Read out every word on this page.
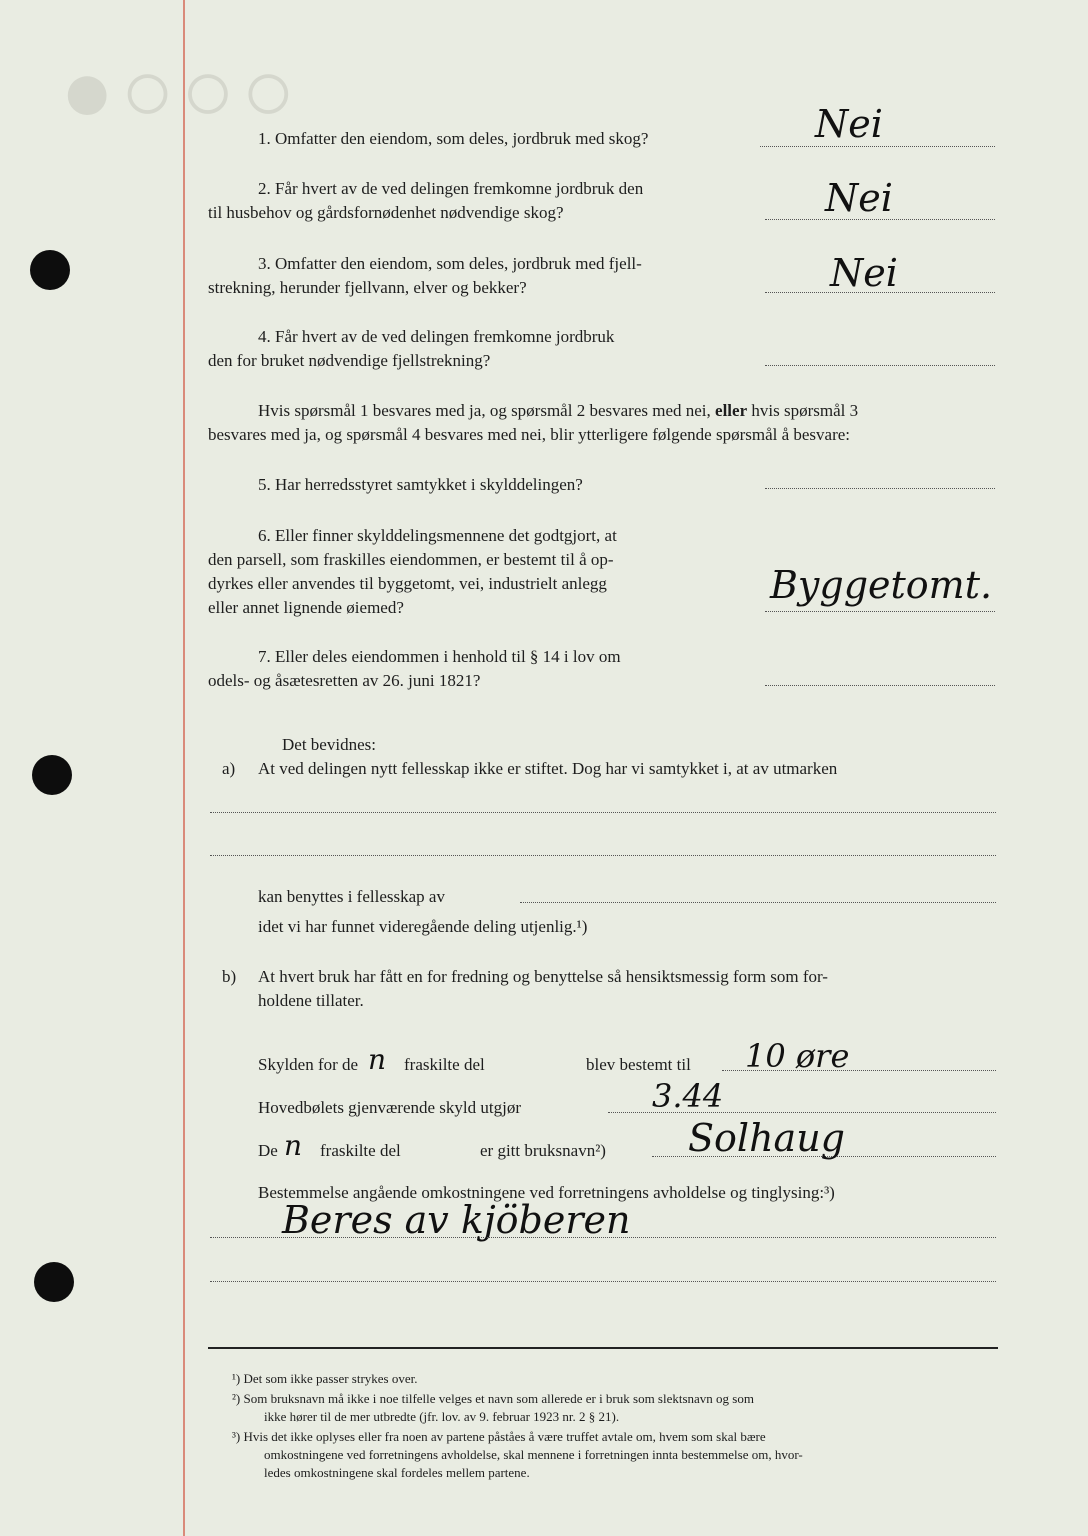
●○○○
1. Omfatter den eiendom, som deles, jordbruk med skog?	Nei
2. Får hvert av de ved delingen fremkomne jordbruk den
til husbehov og gårdsfornødenhet nødvendige skog?	Nei
3. Omfatter den eiendom, som deles, jordbruk med fjell-
strekning, herunder fjellvann, elver og bekker?	Nei
4. Får hvert av de ved delingen fremkomne jordbruk
den for bruket nødvendige fjellstrekning?
Hvis spørsmål 1 besvares med ja, og spørsmål 2 besvares med nei, eller hvis spørsmål 3
besvares med ja, og spørsmål 4 besvares med nei, blir ytterligere følgende spørsmål å besvare:
5. Har herredsstyret samtykket i skylddelingen?
6. Eller finner skylddelingsmennene det godtgjort, at
den parsell, som fraskilles eiendommen, er bestemt til å op-
dyrkes eller anvendes til byggetomt, vei, industrielt anlegg
eller annet lignende øiemed?
Byggetomt.
7. Eller deles eiendommen i henhold til § 14 i lov om
odels- og åsætesretten av 26. juni 1821?
Det bevidnes:
a) At ved delingen nytt fellesskap ikke er stiftet. Dog har vi samtykket i, at av utmarken
kan benyttes i fellesskap av
idet vi har funnet videregående deling utjenlig.¹)
b) At hvert bruk har fått en for fredning og benyttelse så hensiktsmessig form som for-
holdene tillater.
Skylden for de n fraskilte del	blev bestemt til 10 øre
Hovedbølets gjenværende skyld utgjør	3.44
De n fraskilte del	er gitt bruksnavn²) Solhaug
Bestemmelse angående omkostningene ved forretningens avholdelse og tinglysing:³)
Beres av kjöberen
¹) Det som ikke passer strykes over.
²) Som bruksnavn må ikke i noe tilfelle velges et navn som allerede er i bruk som slektsnavn og som
ikke hører til de mer utbredte (jfr. lov. av 9. februar 1923 nr. 2 § 21).
³) Hvis det ikke oplyses eller fra noen av partene påståes å være truffet avtale om, hvem som skal bære
omkostningene ved forretningens avholdelse, skal mennene i forretningen innta bestemmelse om, hvor-
ledes omkostningene skal fordeles mellem partene.
